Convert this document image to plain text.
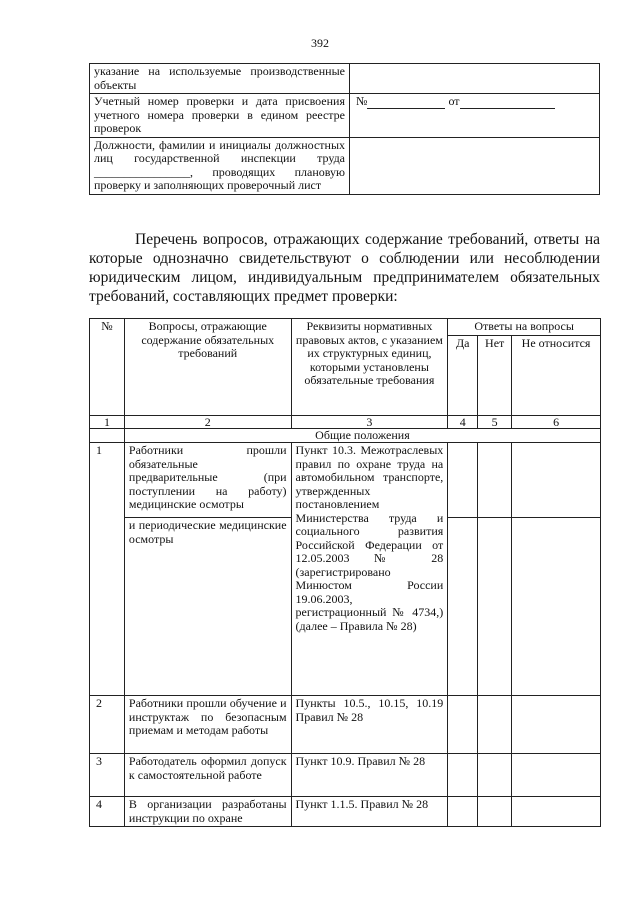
392
указание на используемые производственные объекты	
Учетный номер проверки и дата присвоения учетного номера проверки в едином реестре проверок	№ от
Должности, фамилии и инициалы должностных лиц государственной инспекции труда ________________, проводящих плановую проверку и заполняющих проверочный лист	

Перечень вопросов, отражающих содержание требований, ответы на которые однозначно свидетельствуют о соблюдении или несоблюдении юридическим лицом, индивидуальным предпринимателем обязательных требований, составляющих предмет проверки:

№	Вопросы, отражающие содержание обязательных требований	Реквизиты нормативных правовых актов, с указанием их структурных единиц, которыми установлены обязательные требования	Ответы на вопросы		
			Да	Нет	Не относится
1	2	3	4	5	6
	Общие положения				
1	Работники прошли обязательные предварительные (при поступлении на работу) медицинские осмотры	Пункт 10.3. Межотраслевых правил по охране труда на автомобильном транспорте, утвержденных постановлением Министерства труда и социального развития Российской Федерации от 12.05.2003 № 28 (зарегистрировано Минюстом России 19.06.2003, регистрационный № 4734,) (далее – Правила № 28)			
	и периодические медицинские осмотры				
2	Работники прошли обучение и инструктаж по безопасным приемам и методам работы	Пункты 10.5., 10.15, 10.19 Правил № 28			
3	Работодатель оформил допуск к самостоятельной работе	Пункт 10.9. Правил № 28			
4	В организации разработаны инструкции по охране	Пункт 1.1.5. Правил № 28			
